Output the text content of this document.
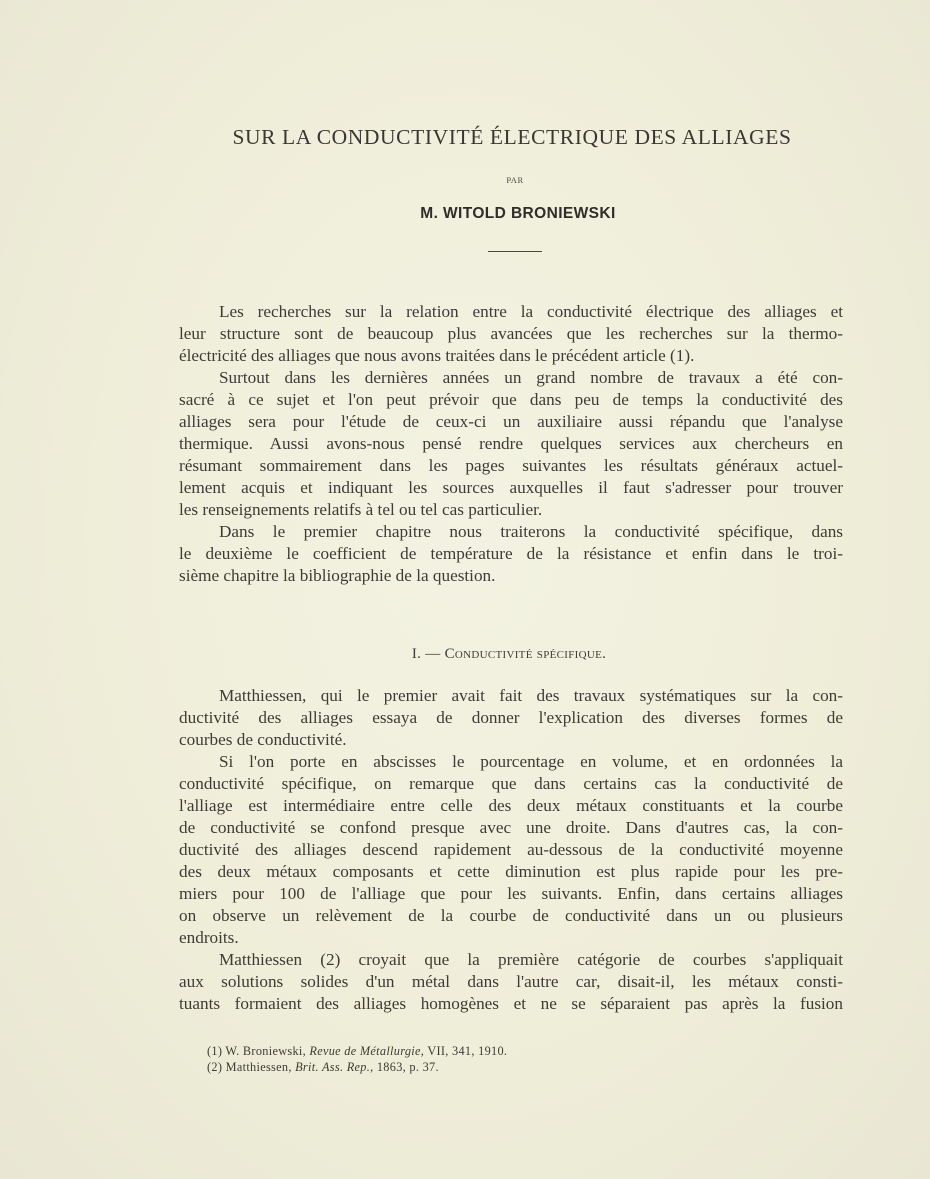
SUR LA CONDUCTIVITÉ ÉLECTRIQUE DES ALLIAGES
PAR
M. WITOLD BRONIEWSKI
Les recherches sur la relation entre la conductivité électrique des alliages et
leur structure sont de beaucoup plus avancées que les recherches sur la thermo-
électricité des alliages que nous avons traitées dans le précédent article (1).
Surtout dans les dernières années un grand nombre de travaux a été con-
sacré à ce sujet et l'on peut prévoir que dans peu de temps la conductivité des
alliages sera pour l'étude de ceux-ci un auxiliaire aussi répandu que l'analyse
thermique. Aussi avons-nous pensé rendre quelques services aux chercheurs en
résumant sommairement dans les pages suivantes les résultats généraux actuel-
lement acquis et indiquant les sources auxquelles il faut s'adresser pour trouver
les renseignements relatifs à tel ou tel cas particulier.
Dans le premier chapitre nous traiterons la conductivité spécifique, dans
le deuxième le coefficient de température de la résistance et enfin dans le troi-
sième chapitre la bibliographie de la question.
I. — Conductivité spécifique.
Matthiessen, qui le premier avait fait des travaux systématiques sur la con-
ductivité des alliages essaya de donner l'explication des diverses formes de
courbes de conductivité.
Si l'on porte en abscisses le pourcentage en volume, et en ordonnées la
conductivité spécifique, on remarque que dans certains cas la conductivité de
l'alliage est intermédiaire entre celle des deux métaux constituants et la courbe
de conductivité se confond presque avec une droite. Dans d'autres cas, la con-
ductivité des alliages descend rapidement au-dessous de la conductivité moyenne
des deux métaux composants et cette diminution est plus rapide pour les pre-
miers pour 100 de l'alliage que pour les suivants. Enfin, dans certains alliages
on observe un relèvement de la courbe de conductivité dans un ou plusieurs
endroits.
Matthiessen (2) croyait que la première catégorie de courbes s'appliquait
aux solutions solides d'un métal dans l'autre car, disait-il, les métaux consti-
tuants formaient des alliages homogènes et ne se séparaient pas après la fusion
(1) W. Broniewski, Revue de Métallurgie, VII, 341, 1910.
(2) Matthiessen, Brit. Ass. Rep., 1863, p. 37.
